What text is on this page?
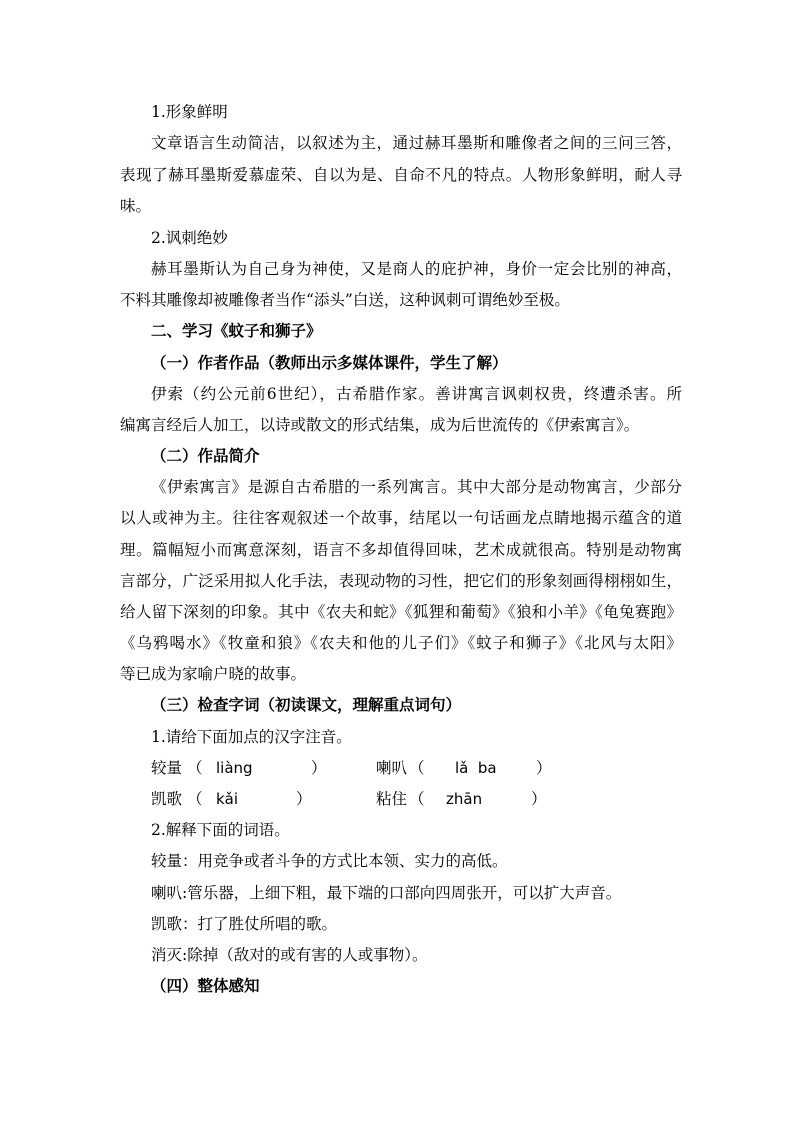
1.形象鲜明
文章语言生动简洁，以叙述为主，通过赫耳墨斯和雕像者之间的三问三答，
表现了赫耳墨斯爱慕虚荣、自以为是、自命不凡的特点。人物形象鲜明，耐人寻
味。
2.讽刺绝妙
赫耳墨斯认为自己身为神使，又是商人的庇护神，身价一定会比别的神高，
不料其雕像却被雕像者当作“添头”白送，这种讽刺可谓绝妙至极。
二、学习《蚊子和狮子》
（一）作者作品（教师出示多媒体课件，学生了解）
伊索（约公元前6世纪），古希腊作家。善讲寓言讽刺权贵，终遭杀害。所
编寓言经后人加工，以诗或散文的形式结集，成为后世流传的《伊索寓言》。
（二）作品简介
《伊索寓言》是源自古希腊的一系列寓言。其中大部分是动物寓言，少部分
以人或神为主。往往客观叙述一个故事，结尾以一句话画龙点睛地揭示蕴含的道
理。篇幅短小而寓意深刻，语言不多却值得回味，艺术成就很高。特别是动物寓
言部分，广泛采用拟人化手法，表现动物的习性，把它们的形象刻画得栩栩如生，
给人留下深刻的印象。其中《农夫和蛇》《狐狸和葡萄》《狼和小羊》《龟兔赛跑》
《乌鸦喝水》《牧童和狼》《农夫和他的儿子们》《蚊子和狮子》《北风与太阳》
等已成为家喻户晓的故事。
（三）检查字词（初读课文，理解重点词句）
1.请给下面加点的汉字注音。
较量 （ liàng	）	喇叭 （ lǎ  ba	）
凯歌 （ kǎi	）	粘住 （ zhān	）
2.解释下面的词语。
较量：用竞争或者斗争的方式比本领、实力的高低。
喇叭:管乐器，上细下粗，最下端的口部向四周张开，可以扩大声音。
凯歌：打了胜仗所唱的歌。
消灭:除掉（敌对的或有害的人或事物）。
（四）整体感知
